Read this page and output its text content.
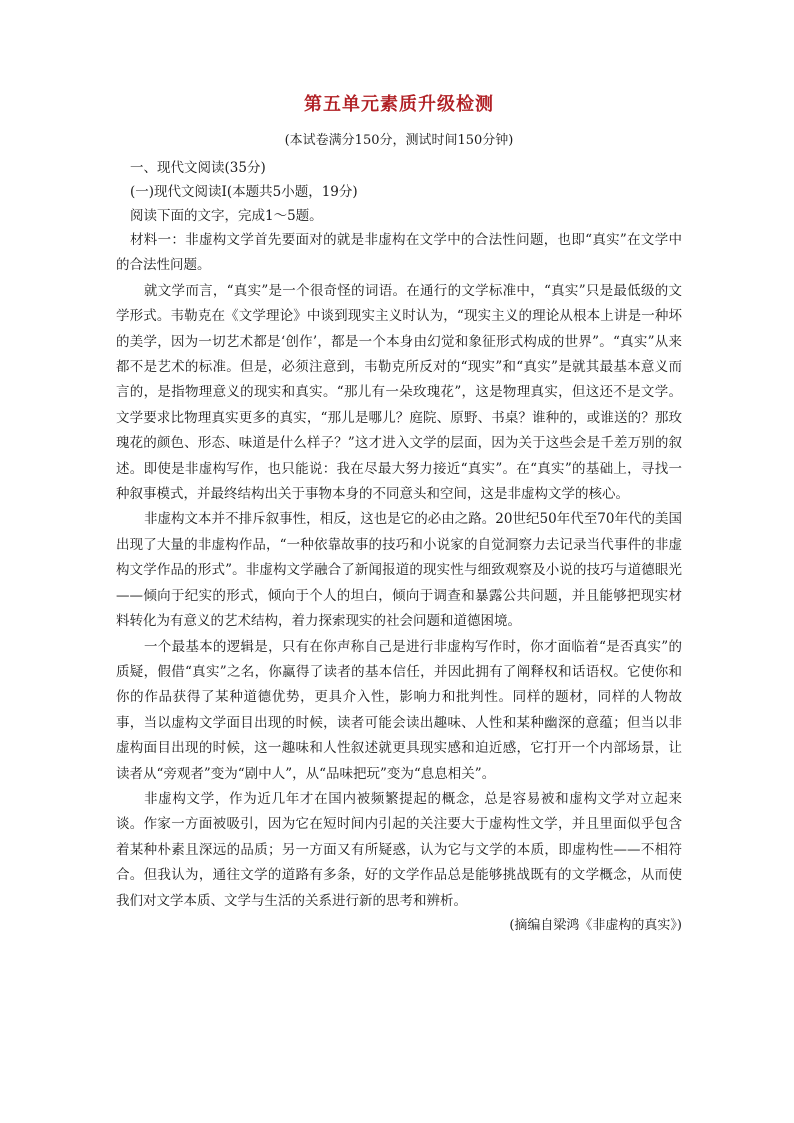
第五单元素质升级检测

(本试卷满分150分，测试时间150分钟)

一、现代文阅读(35分)

(一)现代文阅读Ⅰ(本题共5小题，19分)

阅读下面的文字，完成1～5题。

材料一：非虚构文学首先要面对的就是非虚构在文学中的合法性问题，也即“真实”在文学中的合法性问题。

就文学而言，“真实”是一个很奇怪的词语。在通行的文学标准中，“真实”只是最低级的文学形式。韦勒克在《文学理论》中谈到现实主义时认为，“现实主义的理论从根本上讲是一种坏的美学，因为一切艺术都是‘创作’，都是一个本身由幻觉和象征形式构成的世界”。“真实”从来都不是艺术的标准。但是，必须注意到，韦勒克所反对的“现实”和“真实”是就其最基本意义而言的，是指物理意义的现实和真实。“那儿有一朵玫瑰花”，这是物理真实，但这还不是文学。文学要求比物理真实更多的真实，“那儿是哪儿？庭院、原野、书桌？谁种的，或谁送的？那玫瑰花的颜色、形态、味道是什么样子？”这才进入文学的层面，因为关于这些会是千差万别的叙述。即使是非虚构写作，也只能说：我在尽最大努力接近“真实”。在“真实”的基础上，寻找一种叙事模式，并最终结构出关于事物本身的不同意头和空间，这是非虚构文学的核心。

非虚构文本并不排斥叙事性，相反，这也是它的必由之路。20世纪50年代至70年代的美国出现了大量的非虚构作品，“一种依靠故事的技巧和小说家的自觉洞察力去记录当代事件的非虚构文学作品的形式”。非虚构文学融合了新闻报道的现实性与细致观察及小说的技巧与道德眼光——倾向于纪实的形式，倾向于个人的坦白，倾向于调查和暴露公共问题，并且能够把现实材料转化为有意义的艺术结构，着力探索现实的社会问题和道德困境。

一个最基本的逻辑是，只有在你声称自己是进行非虚构写作时，你才面临着“是否真实”的质疑，假借“真实”之名，你赢得了读者的基本信任，并因此拥有了阐释权和话语权。它使你和你的作品获得了某种道德优势，更具介入性，影响力和批判性。同样的题材，同样的人物故事，当以虚构文学面目出现的时候，读者可能会读出趣味、人性和某种幽深的意蕴；但当以非虚构面目出现的时候，这一趣味和人性叙述就更具现实感和迫近感，它打开一个内部场景，让读者从“旁观者”变为“剧中人”，从“品味把玩”变为“息息相关”。

非虚构文学，作为近几年才在国内被频繁提起的概念，总是容易被和虚构文学对立起来谈。作家一方面被吸引，因为它在短时间内引起的关注要大于虚构性文学，并且里面似乎包含着某种朴素且深远的品质；另一方面又有所疑惑，认为它与文学的本质，即虚构性——不相符合。但我认为，通往文学的道路有多条，好的文学作品总是能够挑战既有的文学概念，从而使我们对文学本质、文学与生活的关系进行新的思考和辨析。

(摘编自梁鸿《非虚构的真实》)
